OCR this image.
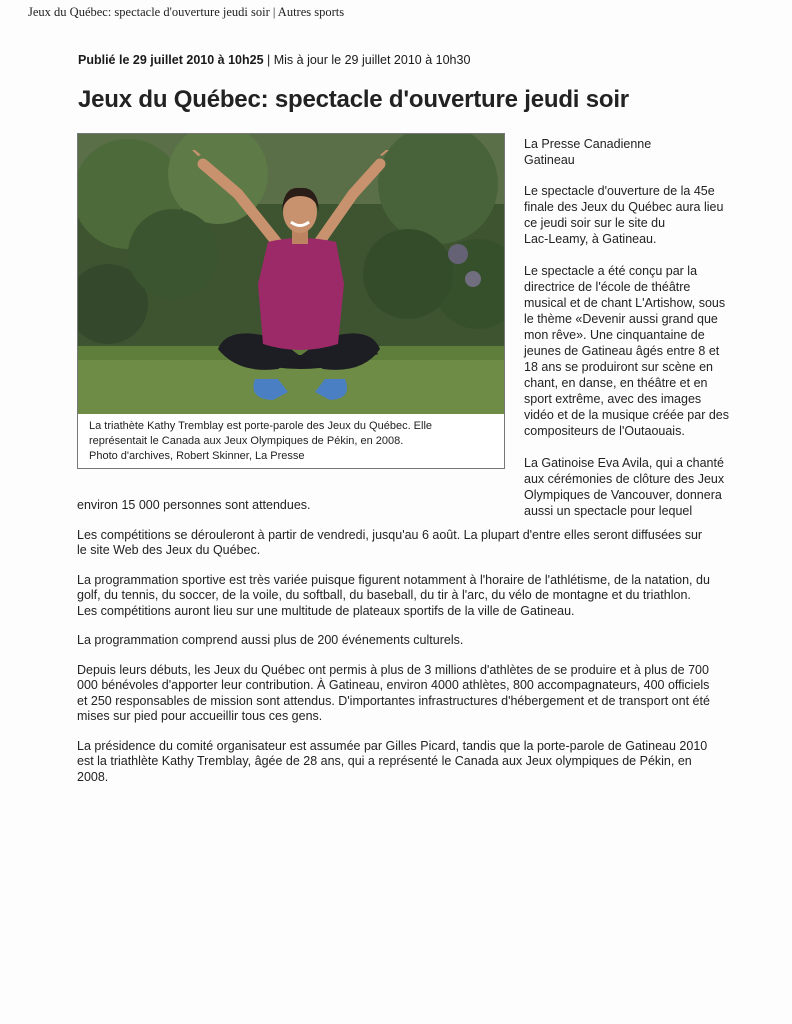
Jeux du Québec: spectacle d'ouverture jeudi soir | Autres sports
Publié le 29 juillet 2010 à 10h25 | Mis à jour le 29 juillet 2010 à 10h30
Jeux du Québec: spectacle d'ouverture jeudi soir
La triathète Kathy Tremblay est porte-parole des Jeux du Québec. Elle
représentait le Canada aux Jeux Olympiques de Pékin, en 2008.
Photo d'archives, Robert Skinner, La Presse

La Presse Canadienne
Gatineau

Le spectacle d'ouverture de la 45e
finale des Jeux du Québec aura lieu
ce jeudi soir sur le site du
Lac-Leamy, à Gatineau.

Le spectacle a été conçu par la
directrice de l'école de théâtre
musical et de chant L'Artishow, sous
le thème «Devenir aussi grand que
mon rêve». Une cinquantaine de
jeunes de Gatineau âgés entre 8 et
18 ans se produiront sur scène en
chant, en danse, en théâtre et en
sport extrême, avec des images
vidéo et de la musique créée par des
compositeurs de l'Outaouais.

La Gatinoise Eva Avila, qui a chanté
aux cérémonies de clôture des Jeux
Olympiques de Vancouver, donnera
aussi un spectacle pour lequel

environ 15 000 personnes sont attendues.

Les compétitions se dérouleront à partir de vendredi, jusqu'au 6 août. La plupart d'entre elles seront diffusées sur
le site Web des Jeux du Québec.

La programmation sportive est très variée puisque figurent notamment à l'horaire de l'athlétisme, de la natation, du
golf, du tennis, du soccer, de la voile, du softball, du baseball, du tir à l'arc, du vélo de montagne et du triathlon.
Les compétitions auront lieu sur une multitude de plateaux sportifs de la ville de Gatineau.

La programmation comprend aussi plus de 200 événements culturels.

Depuis leurs débuts, les Jeux du Québec ont permis à plus de 3 millions d'athlètes de se produire et à plus de 700
000 bénévoles d'apporter leur contribution. À Gatineau, environ 4000 athlètes, 800 accompagnateurs, 400 officiels
et 250 responsables de mission sont attendus. D'importantes infrastructures d'hébergement et de transport ont été
mises sur pied pour accueillir tous ces gens.

La présidence du comité organisateur est assumée par Gilles Picard, tandis que la porte-parole de Gatineau 2010
est la triathlète Kathy Tremblay, âgée de 28 ans, qui a représenté le Canada aux Jeux olympiques de Pékin, en
2008.
